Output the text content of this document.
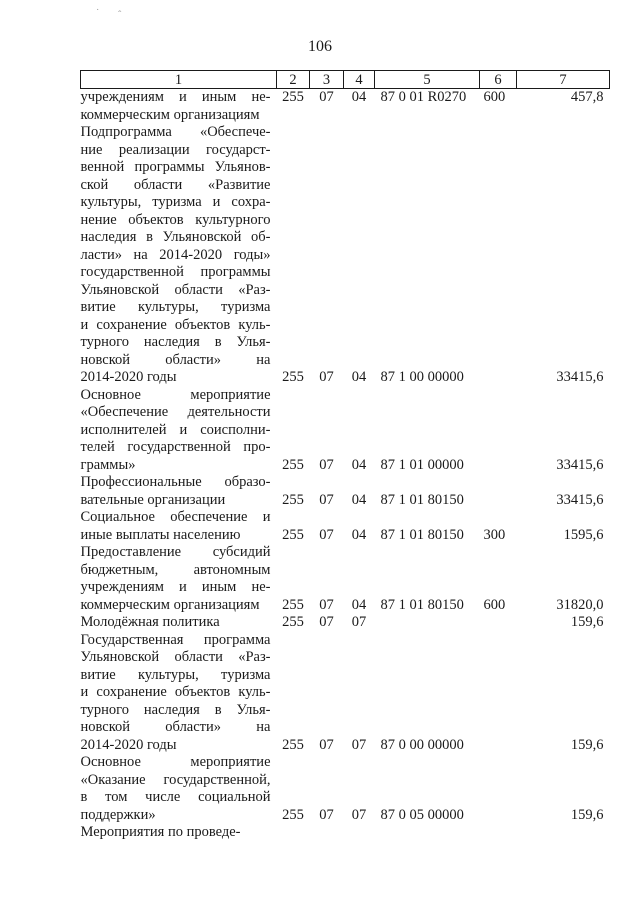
106
˙ ˆ
1	2	3	4	5	6	7
учреждениям и иным не-	255	07	04	87 0 01 R0270	600	457,8
коммерческим организациям						
Подпрограмма «Обеспече-						
ние реализации государст-						
венной программы Ульянов-						
ской области «Развитие						
культуры, туризма и сохра-						
нение объектов культурного						
наследия в Ульяновской об-						
ласти» на 2014-2020 годы»						
государственной программы						
Ульяновской области «Раз-						
витие культуры, туризма						
и сохранение объектов куль-						
турного наследия в Улья-						
новской области» на						
2014-2020 годы	255	07	04	87 1 00 00000		33415,6
Основное мероприятие						
«Обеспечение деятельности						
исполнителей и соисполни-						
телей государственной про-						
граммы»	255	07	04	87 1 01 00000		33415,6
Профессиональные образо-						
вательные организации	255	07	04	87 1 01 80150		33415,6
Социальное обеспечение и						
иные выплаты населению	255	07	04	87 1 01 80150	300	1595,6
Предоставление субсидий						
бюджетным, автономным						
учреждениям и иным не-						
коммерческим организациям	255	07	04	87 1 01 80150	600	31820,0
Молодёжная политика	255	07	07			159,6
Государственная программа						
Ульяновской области «Раз-						
витие культуры, туризма						
и сохранение объектов куль-						
турного наследия в Улья-						
новской области» на						
2014-2020 годы	255	07	07	87 0 00 00000		159,6
Основное мероприятие						
«Оказание государственной,						
в том числе социальной						
поддержки»	255	07	07	87 0 05 00000		159,6
Мероприятия по проведе-						
